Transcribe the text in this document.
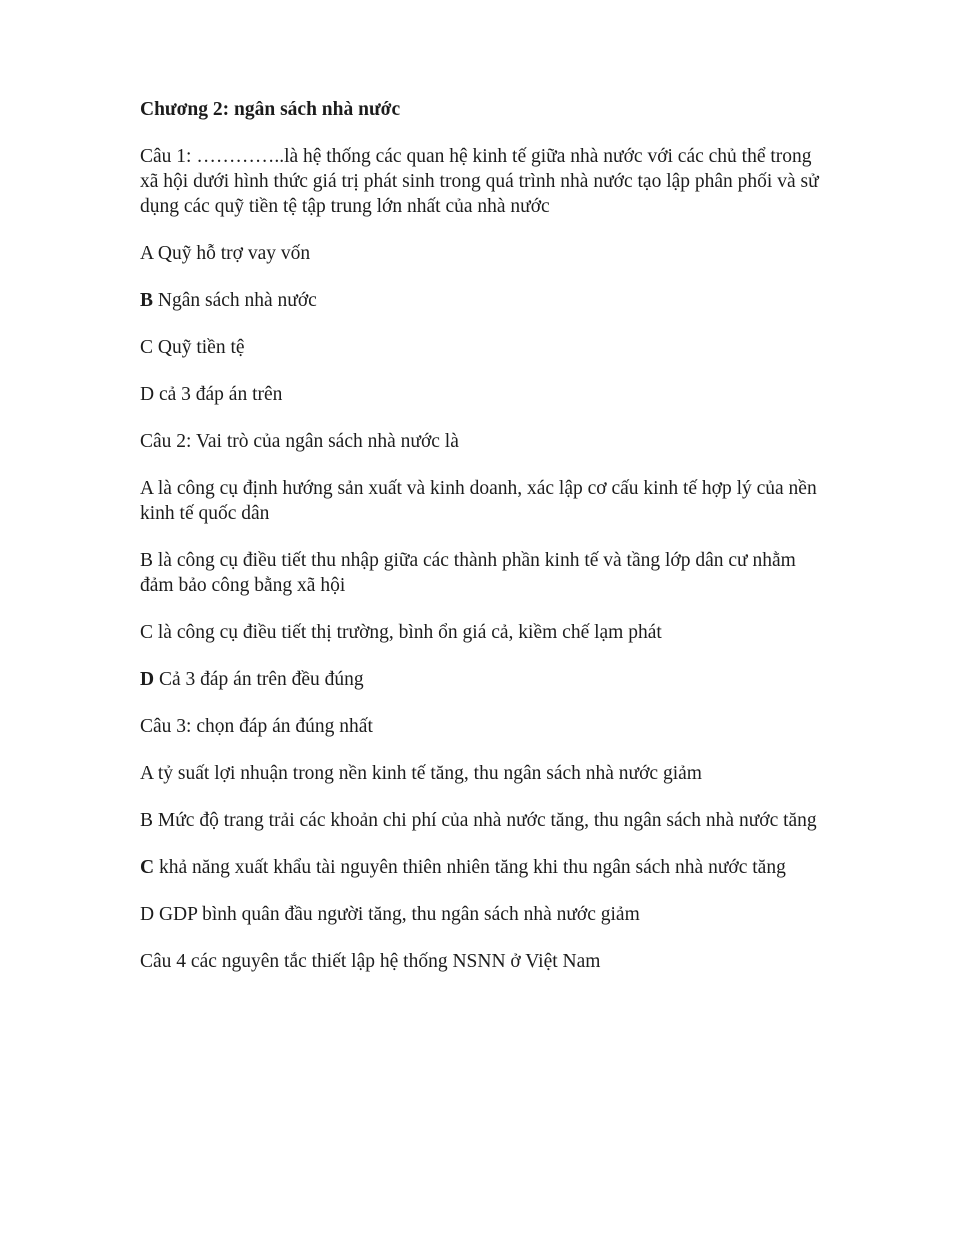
Chương 2: ngân sách nhà nước
Câu 1: …………..là hệ thống các quan hệ kinh tế giữa nhà nước với các chủ thể trong xã hội dưới hình thức giá trị phát sinh trong quá trình nhà nước tạo lập phân phối và sử dụng các quỹ tiền tệ tập trung lớn nhất của nhà nước
A Quỹ hỗ trợ vay vốn
B Ngân sách nhà nước
C Quỹ tiền tệ
D cả 3 đáp án trên
Câu 2: Vai trò của ngân sách nhà nước là
A là công cụ định hướng sản xuất và kinh doanh, xác lập cơ cấu kinh tế hợp lý của nền kinh tế quốc dân
B là công cụ điều tiết thu nhập giữa các thành phần kinh tế và tầng lớp dân cư nhằm đảm bảo công bằng xã hội
C là công cụ điều tiết thị trường, bình ổn giá cả, kiềm chế lạm phát
D Cả 3 đáp án trên đều đúng
Câu 3: chọn đáp án đúng nhất
A tỷ suất lợi nhuận trong nền kinh tế tăng, thu ngân sách nhà nước giảm
B Mức độ trang trải các khoản chi phí của nhà nước tăng, thu ngân sách nhà nước tăng
C khả năng xuất khẩu tài nguyên thiên nhiên tăng khi thu ngân sách nhà nước tăng
D GDP bình quân đầu người tăng, thu ngân sách nhà nước giảm
Câu 4 các nguyên tắc thiết lập hệ thống NSNN ở Việt Nam
